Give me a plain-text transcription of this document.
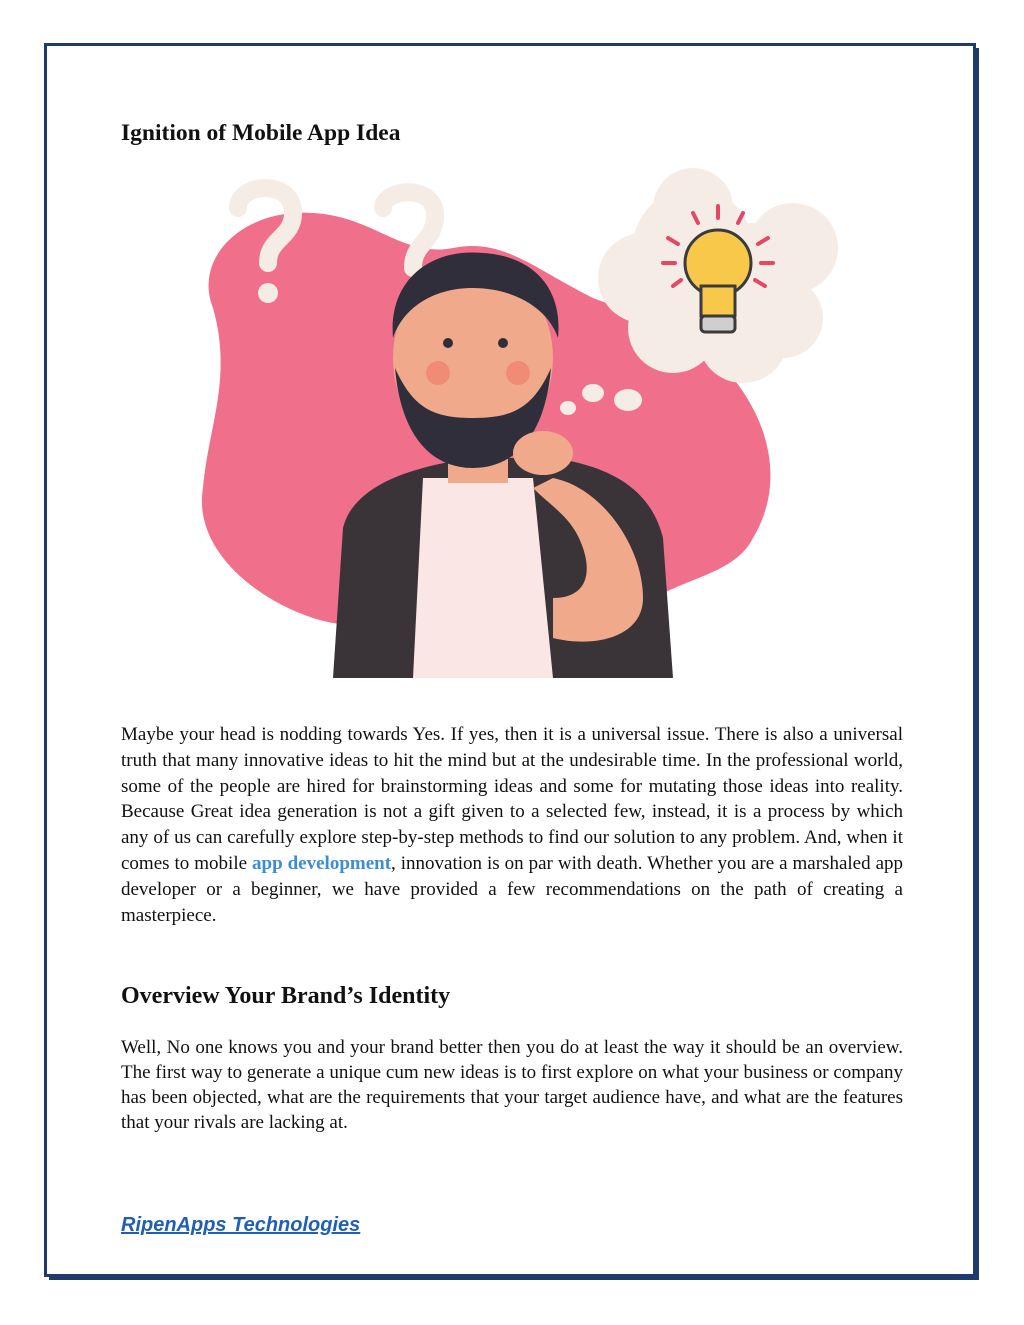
Ignition of Mobile App Idea

Maybe your head is nodding towards Yes. If yes, then it is a universal issue. There is also a universal truth that many innovative ideas to hit the mind but at the undesirable time. In the professional world, some of the people are hired for brainstorming ideas and some for mutating those ideas into reality. Because Great idea generation is not a gift given to a selected few, instead, it is a process by which any of us can carefully explore step-by-step methods to find our solution to any problem. And, when it comes to mobile app development, innovation is on par with death. Whether you are a marshaled app developer or a beginner, we have provided a few recommendations on the path of creating a masterpiece.

Overview Your Brand’s Identity

Well, No one knows you and your brand better then you do at least the way it should be an overview. The first way to generate a unique cum new ideas is to first explore on what your business or company has been objected, what are the requirements that your target audience have, and what are the features that your rivals are lacking at.

RipenApps Technologies
